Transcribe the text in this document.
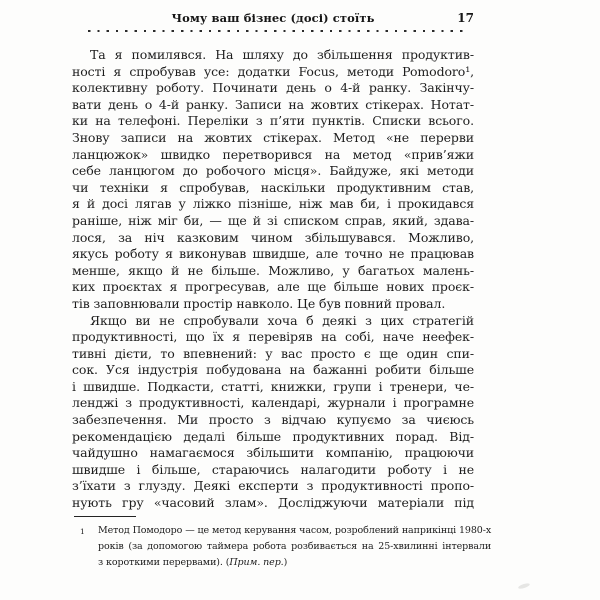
Чому ваш бізнес (досі) стоїть	17
Та я помилявся. На шляху до збільшення продуктив-
ності я спробував усе: додатки Focus, методи Pomodoro¹,
колективну роботу. Починати день о 4-й ранку. Закінчу-
вати день о 4-й ранку. Записи на жовтих стікерах. Нотат-
ки на телефоні. Переліки з п’яти пунктів. Списки всього.
Знову записи на жовтих стікерах. Метод «не перерви
ланцюжок» швидко перетворився на метод «прив’яжи
себе ланцюгом до робочого місця». Байдуже, які методи
чи техніки я спробував, наскільки продуктивним став,
я й досі лягав у ліжко пізніше, ніж мав би, і прокидався
раніше, ніж міг би, — ще й зі списком справ, який, здава-
лося, за ніч казковим чином збільшувався. Можливо,
якусь роботу я виконував швидше, але точно не працював
менше, якщо й не більше. Можливо, у багатьох малень-
ких проєктах я прогресував, але ще більше нових проєк-
тів заповнювали простір навколо. Це був повний провал.
Якщо ви не спробували хоча б деякі з цих стратегій
продуктивності, що їх я перевіряв на собі, наче неефек-
тивні дієти, то впевнений: у вас просто є ще один спи-
сок. Уся індустрія побудована на бажанні робити більше
і швидше. Подкасти, статті, книжки, групи і тренери, че-
ленджі з продуктивності, календарі, журнали і програмне
забезпечення. Ми просто з відчаю купуємо за чиєюсь
рекомендацією дедалі більше продуктивних порад. Від-
чайдушно намагаємося збільшити компанію, працюючи
швидше і більше, стараючись налагодити роботу і не
з’їхати з глузду. Деякі експерти з продуктивності пропо-
нують гру «часовий злам». Досліджуючи матеріали під
1	Метод Помодоро — це метод керування часом, розроблений наприкінці 1980-х
років (за допомогою таймера робота розбивається на 25-хвилинні інтервали
з короткими перервами). (Прим. пер.)
